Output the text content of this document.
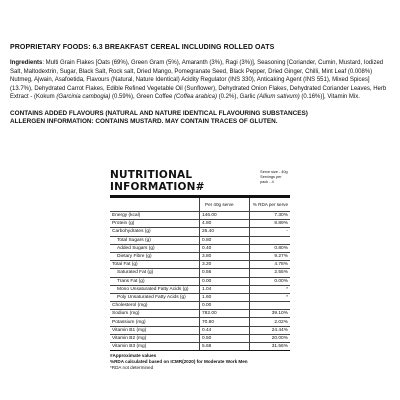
PROPRIETARY FOODS: 6.3 BREAKFAST CEREAL INCLUDING ROLLED OATS
Ingredients: Multi Grain Flakes [Oats (69%), Green Gram (5%), Amaranth (3%), Ragi (3%)], Seasoning [Coriander, Cumin, Mustard, Iodized Salt, Maltodextrin, Sugar, Black Salt, Rock salt, Dried Mango, Pomegranate Seed, Black Pepper, Dried Ginger, Chilli, Mint Leaf (0.008%) Nutmeg, Ajwain, Asafoetida, Flavours (Natural, Nature Identical) Acidity Regulator (INS 330), Anticaking Agent (INS 551), Mixed Spices](13.7%), Dehydrated Carrot Flakes, Edible Refined Vegetable Oil (Sunflower), Dehydrated Onion Flakes, Dehydrated Coriander Leaves, Herb Extract - (Kokum (Garcinia cambogia) (0.59%), Green Coffee (Coffea arabica) (0.2%), Garlic (Allium sativum) (0.16%)], Vitamin Mix.
CONTAINS ADDED FLAVOURS (NATURAL AND NATURE IDENTICAL FLAVOURING SUBSTANCES)
ALLERGEN INFORMATION: CONTAINS MUSTARD. MAY CONTAIN TRACES OF GLUTEN.
NUTRITIONAL INFORMATION#
Serve size - 40g
Servings per pack - 4
	Per 40g serve	% RDA per serve
Energy (kcal)	146.00	7.30%
Protein (g)	4.80	8.89%
Carbohydrates (g)	26.40	-
Total Sugars (g)	0.80	
Added Sugars (g)	0.40	0.80%
Dietary Fibre (g)	3.80	9.27%
Total Fat (g)	3.20	4.78%
Saturated Fat (g)	0.56	2.55%
Trans Fat (g)	0.00	0.00%
Mono Unsaturated Fatty Acids (g)	1.04	*
Poly Unsaturated Fatty Acids (g)	1.60	*
Cholesterol (mg)	0.00	
Sodium (mg)	782.00	39.10%
Potassium (mg)	70.80	2.02%
Vitamin B1 (mg)	0.44	24.44%
Vitamin B2 (mg)	0.50	20.00%
Vitamin B3 (mg)	5.68	31.56%
#Approximate values
%RDA calculated based on ICMR(2020) for Moderate Work Men
*RDA not determined
